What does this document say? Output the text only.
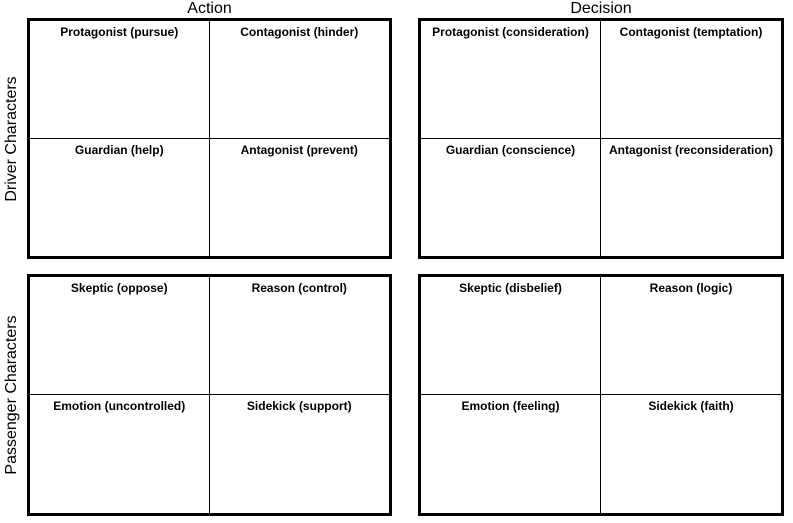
Action	Decision
Driver Characters
Passenger Characters
Protagonist (pursue)	Contagonist (hinder)
Guardian (help)	Antagonist (prevent)
Protagonist (consideration)	Contagonist (temptation)
Guardian (conscience)	Antagonist (reconsideration)
Skeptic (oppose)	Reason (control)
Emotion (uncontrolled)	Sidekick (support)
Skeptic (disbelief)	Reason (logic)
Emotion (feeling)	Sidekick (faith)
